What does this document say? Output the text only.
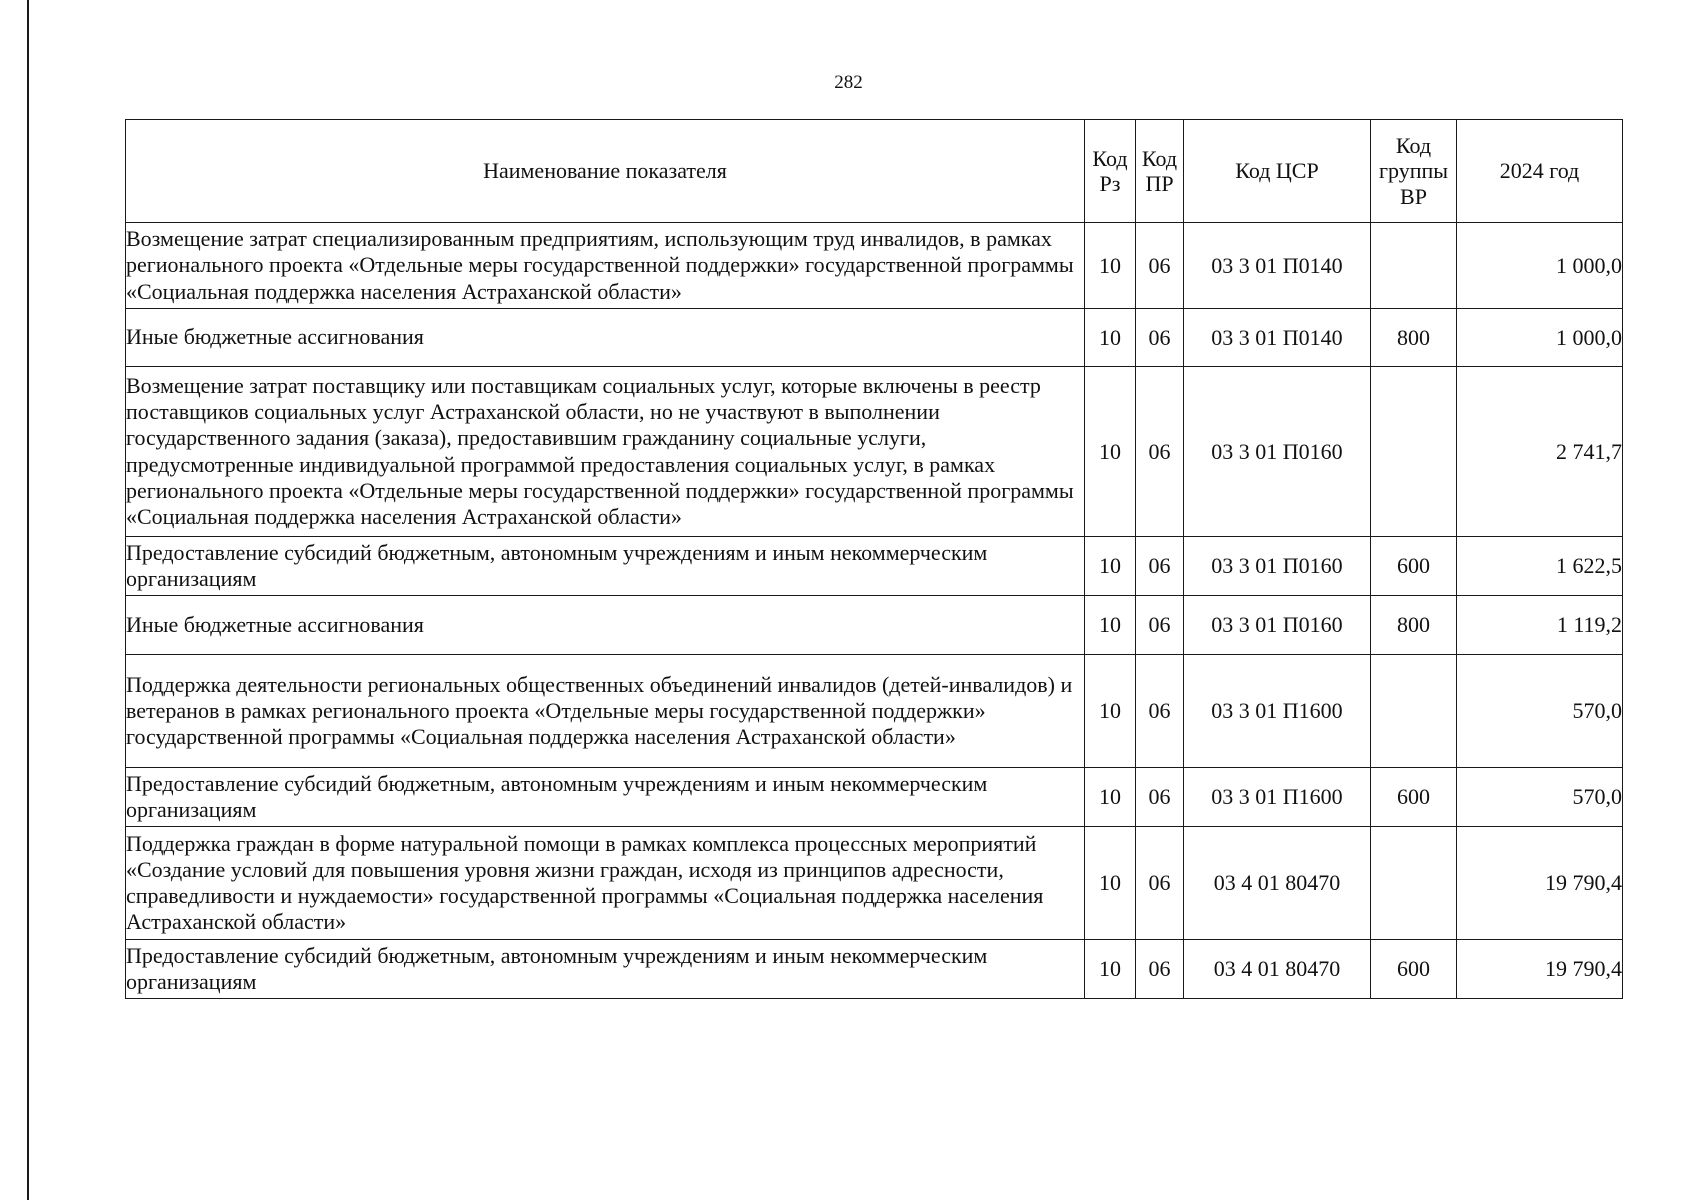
282
Наименование показателя	Код Рз	Код ПР	Код ЦСР	Код группы ВР	2024 год
Возмещение затрат специализированным предприятиям, использующим труд инвалидов, в рамках регионального проекта «Отдельные меры государственной поддержки» государственной программы «Социальная поддержка населения Астраханской области»	10	06	03 3 01 П0140		1 000,0
Иные бюджетные ассигнования	10	06	03 3 01 П0140	800	1 000,0
Возмещение затрат поставщику или поставщикам социальных услуг, которые включены в реестр поставщиков социальных услуг Астраханской области, но не участвуют в выполнении государственного задания (заказа), предоставившим гражданину социальные услуги, предусмотренные индивидуальной программой предоставления социальных услуг, в рамках регионального проекта «Отдельные меры государственной поддержки» государственной программы «Социальная поддержка населения Астраханской области»	10	06	03 3 01 П0160		2 741,7
Предоставление субсидий бюджетным, автономным учреждениям и иным некоммерческим организациям	10	06	03 3 01 П0160	600	1 622,5
Иные бюджетные ассигнования	10	06	03 3 01 П0160	800	1 119,2
Поддержка деятельности региональных общественных объединений инвалидов (детей-инвалидов) и ветеранов в рамках регионального проекта «Отдельные меры государственной поддержки» государственной программы «Социальная поддержка населения Астраханской области»	10	06	03 3 01 П1600		570,0
Предоставление субсидий бюджетным, автономным учреждениям и иным некоммерческим организациям	10	06	03 3 01 П1600	600	570,0
Поддержка граждан в форме натуральной помощи в рамках комплекса процессных мероприятий «Создание условий для повышения уровня жизни граждан, исходя из принципов адресности, справедливости и нуждаемости» государственной программы «Социальная поддержка населения Астраханской области»	10	06	03 4 01 80470		19 790,4
Предоставление субсидий бюджетным, автономным учреждениям и иным некоммерческим организациям	10	06	03 4 01 80470	600	19 790,4
